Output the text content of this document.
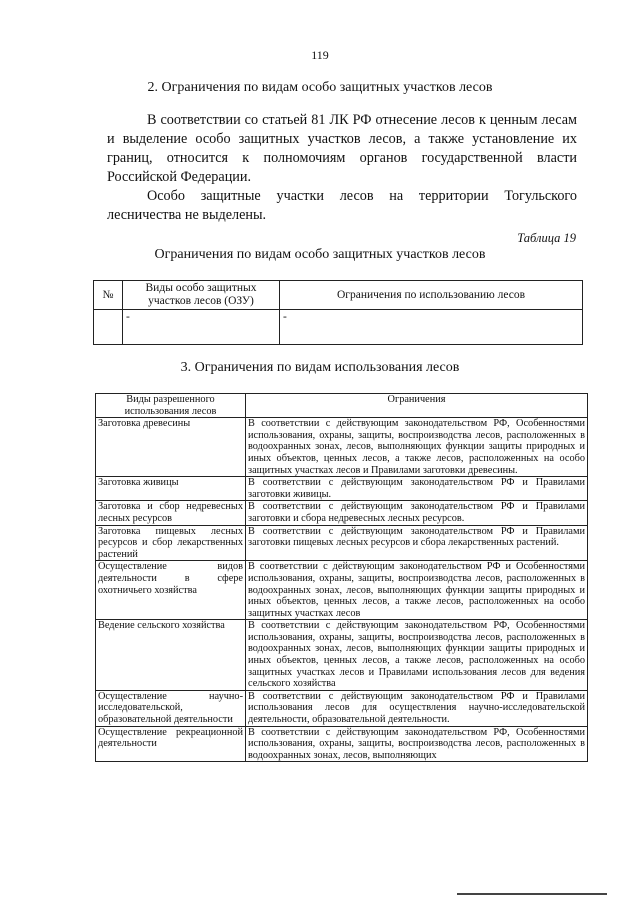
119
2. Ограничения по видам особо защитных участков лесов

В соответствии со статьей 81 ЛК РФ отнесение лесов к ценным лесам и выделение особо защитных участков лесов, а также установление их границ, относится к полномочиям органов государственной власти Российской Федерации.

Особо защитные участки лесов на территории Тогульского лесничества не выделены.

Таблица 19
Ограничения по видам особо защитных участков лесов
№	Виды особо защитных участков лесов (ОЗУ)	Ограничения по использованию лесов
	-	-
3. Ограничения по видам использования лесов
Виды разрешенного использования лесов	Ограничения
Заготовка древесины	В соответствии с действующим законодательством РФ, Особенностями использования, охраны, защиты, воспроизводства лесов, расположенных в водоохранных зонах, лесов, выполняющих функции защиты природных и иных объектов, ценных лесов, а также лесов, расположенных на особо защитных участках лесов и Правилами заготовки древесины.
Заготовка живицы	В соответствии с действующим законодательством РФ и Правилами заготовки живицы.
Заготовка и сбор недревесных лесных ресурсов	В соответствии с действующим законодательством РФ и Правилами заготовки и сбора недревесных лесных ресурсов.
Заготовка пищевых лесных ресурсов и сбор лекарственных растений	В соответствии с действующим законодательством РФ и Правилами заготовки пищевых лесных ресурсов и сбора лекарственных растений.
Осуществление видов деятельности в сфере охотничьего хозяйства	В соответствии с действующим законодательством РФ и Особенностями использования, охраны, защиты, воспроизводства лесов, расположенных в водоохранных зонах, лесов, выполняющих функции защиты природных и иных объектов, ценных лесов, а также лесов, расположенных на особо защитных участках лесов
Ведение сельского хозяйства	В соответствии с действующим законодательством РФ, Особенностями использования, охраны, защиты, воспроизводства лесов, расположенных в водоохранных зонах, лесов, выполняющих функции защиты природных и иных объектов, ценных лесов, а также лесов, расположенных на особо защитных участках лесов и Правилами использования лесов для ведения сельского хозяйства
Осуществление научно-исследовательской, образовательной деятельности	В соответствии с действующим законодательством РФ и Правилами использования лесов для осуществления научно-исследовательской деятельности, образовательной деятельности.
Осуществление рекреационной деятельности	В соответствии с действующим законодательством РФ, Особенностями использования, охраны, защиты, воспроизводства лесов, расположенных в водоохранных зонах, лесов, выполняющих
